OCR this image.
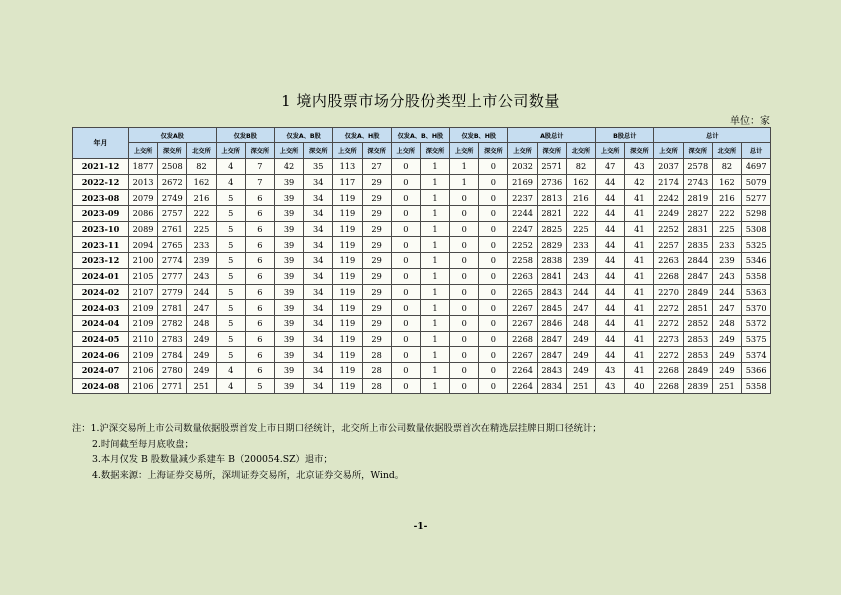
1 境内股票市场分股份类型上市公司数量
单位：家
年月	仅发A股			仅发B股		仅发A、B股		仅发A、H股		仅发A、B、H股		仅发B、H股		A股总计			B股总计		总计			
	上交所	深交所	北交所	上交所	深交所	上交所	深交所	上交所	深交所	上交所	深交所	上交所	深交所	上交所	深交所	北交所	上交所	深交所	上交所	深交所	北交所	总计
2021-12	1877	2508	82	4	7	42	35	113	27	0	1	1	0	2032	2571	82	47	43	2037	2578	82	4697
2022-12	2013	2672	162	4	7	39	34	117	29	0	1	1	0	2169	2736	162	44	42	2174	2743	162	5079
2023-08	2079	2749	216	5	6	39	34	119	29	0	1	0	0	2237	2813	216	44	41	2242	2819	216	5277
2023-09	2086	2757	222	5	6	39	34	119	29	0	1	0	0	2244	2821	222	44	41	2249	2827	222	5298
2023-10	2089	2761	225	5	6	39	34	119	29	0	1	0	0	2247	2825	225	44	41	2252	2831	225	5308
2023-11	2094	2765	233	5	6	39	34	119	29	0	1	0	0	2252	2829	233	44	41	2257	2835	233	5325
2023-12	2100	2774	239	5	6	39	34	119	29	0	1	0	0	2258	2838	239	44	41	2263	2844	239	5346
2024-01	2105	2777	243	5	6	39	34	119	29	0	1	0	0	2263	2841	243	44	41	2268	2847	243	5358
2024-02	2107	2779	244	5	6	39	34	119	29	0	1	0	0	2265	2843	244	44	41	2270	2849	244	5363
2024-03	2109	2781	247	5	6	39	34	119	29	0	1	0	0	2267	2845	247	44	41	2272	2851	247	5370
2024-04	2109	2782	248	5	6	39	34	119	29	0	1	0	0	2267	2846	248	44	41	2272	2852	248	5372
2024-05	2110	2783	249	5	6	39	34	119	29	0	1	0	0	2268	2847	249	44	41	2273	2853	249	5375
2024-06	2109	2784	249	5	6	39	34	119	28	0	1	0	0	2267	2847	249	44	41	2272	2853	249	5374
2024-07	2106	2780	249	4	6	39	34	119	28	0	1	0	0	2264	2843	249	43	41	2268	2849	249	5366
2024-08	2106	2771	251	4	5	39	34	119	28	0	1	0	0	2264	2834	251	43	40	2268	2839	251	5358
注：1.沪深交易所上市公司数量依据股票首发上市日期口径统计，北交所上市公司数量依据股票首次在精选层挂牌日期口径统计；
2.时间截至每月底收盘；
3.本月仅发 B 股数量减少系建车 B（200054.SZ）退市；
4.数据来源：上海证券交易所，深圳证券交易所，北京证券交易所，Wind。
-1-
